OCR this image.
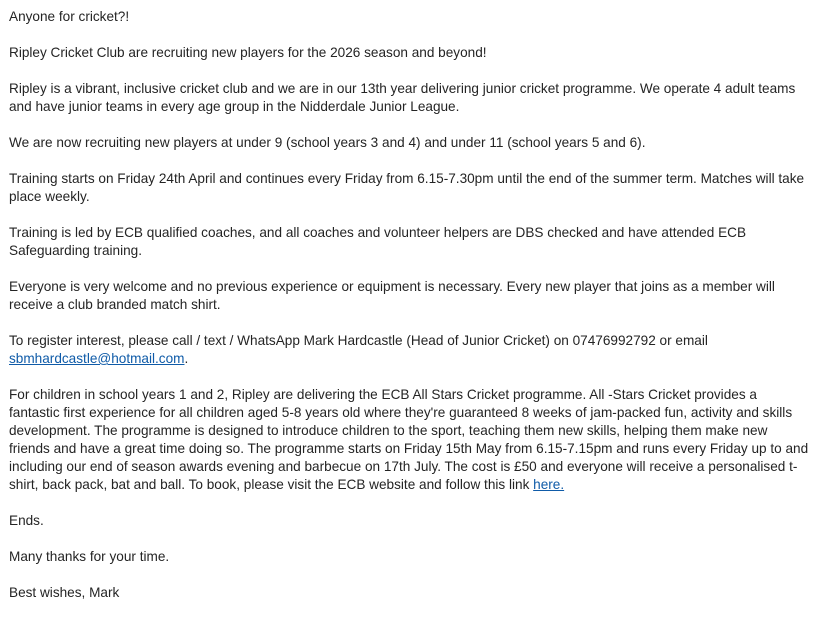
Anyone for cricket?!

Ripley Cricket Club are recruiting new players for the 2026 season and beyond!

Ripley is a vibrant, inclusive cricket club and we are in our 13th year delivering junior cricket programme. We operate 4 adult teams and have junior teams in every age group in the Nidderdale Junior League.

We are now recruiting new players at under 9 (school years 3 and 4) and under 11 (school years 5 and 6).

Training starts on Friday 24th April and continues every Friday from 6.15-7.30pm until the end of the summer term. Matches will take place weekly.

Training is led by ECB qualified coaches, and all coaches and volunteer helpers are DBS checked and have attended ECB Safeguarding training.

Everyone is very welcome and no previous experience or equipment is necessary. Every new player that joins as a member will receive a club branded match shirt.

To register interest, please call / text / WhatsApp Mark Hardcastle (Head of Junior Cricket) on 07476992792 or email sbmhardcastle@hotmail.com.

For children in school years 1 and 2, Ripley are delivering the ECB All Stars Cricket programme. All -Stars Cricket provides a fantastic first experience for all children aged 5-8 years old where they're guaranteed 8 weeks of jam-packed fun, activity and skills development. The programme is designed to introduce children to the sport, teaching them new skills, helping them make new friends and have a great time doing so. The programme starts on Friday 15th May from 6.15-7.15pm and runs every Friday up to and including our end of season awards evening and barbecue on 17th July. The cost is £50 and everyone will receive a personalised t-shirt, back pack, bat and ball. To book, please visit the ECB website and follow this link here.

Ends.

Many thanks for your time.

Best wishes, Mark
